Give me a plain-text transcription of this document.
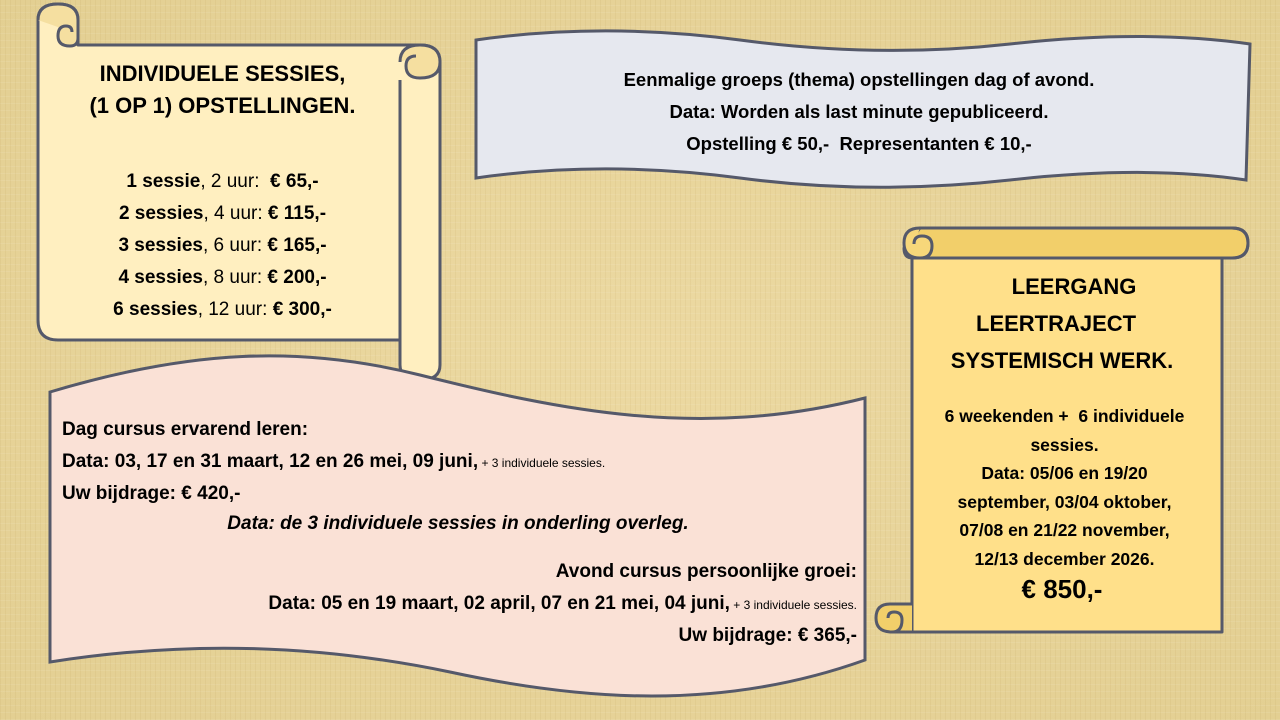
INDIVIDUELE SESSIES,
(1 OP 1) OPSTELLINGEN.
1 sessie, 2 uur: € 65,-
2 sessies, 4 uur: € 115,-
3 sessies, 6 uur: € 165,-
4 sessies, 8 uur: € 200,-
6 sessies, 12 uur: € 300,-
Eenmalige groeps (thema) opstellingen dag of avond.
Data: Worden als last minute gepubliceerd.
Opstelling € 50,-  Representanten € 10,-
Dag cursus ervarend leren:
Data: 03, 17 en 31 maart, 12 en 26 mei, 09 juni, + 3 individuele sessies.
Uw bijdrage: € 420,-
Data: de 3 individuele sessies in onderling overleg.
Avond cursus persoonlijke groei:
Data: 05 en 19 maart, 02 april, 07 en 21 mei, 04 juni, + 3 individuele sessies.
Uw bijdrage: € 365,-
LEERGANG
LEERTRAJECT
SYSTEMISCH WERK.
6 weekenden +  6 individuele
sessies.
Data: 05/06 en 19/20
september, 03/04 oktober,
07/08 en 21/22 november,
12/13 december 2026.
€ 850,-
